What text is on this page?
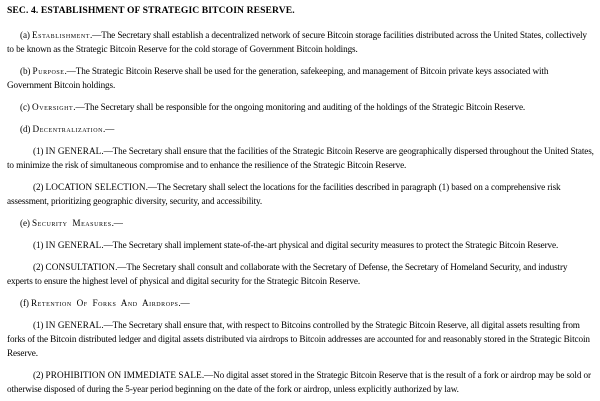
SEC. 4. ESTABLISHMENT OF STRATEGIC BITCOIN RESERVE.

(a) Establishment.—The Secretary shall establish a decentralized network of secure Bitcoin storage facilities distributed across the United States, collectively to be known as the Strategic Bitcoin Reserve for the cold storage of Government Bitcoin holdings.

(b) Purpose.—The Strategic Bitcoin Reserve shall be used for the generation, safekeeping, and management of Bitcoin private keys associated with Government Bitcoin holdings.

(c) Oversight.—The Secretary shall be responsible for the ongoing monitoring and auditing of the holdings of the Strategic Bitcoin Reserve.

(d) Decentralization.—

(1) IN GENERAL.—The Secretary shall ensure that the facilities of the Strategic Bitcoin Reserve are geographically dispersed throughout the United States, to minimize the risk of simultaneous compromise and to enhance the resilience of the Strategic Bitcoin Reserve.

(2) LOCATION SELECTION.—The Secretary shall select the locations for the facilities described in paragraph (1) based on a comprehensive risk assessment, prioritizing geographic diversity, security, and accessibility.

(e) Security Measures.—

(1) IN GENERAL.—The Secretary shall implement state-of-the-art physical and digital security measures to protect the Strategic Bitcoin Reserve.

(2) CONSULTATION.—The Secretary shall consult and collaborate with the Secretary of Defense, the Secretary of Homeland Security, and industry experts to ensure the highest level of physical and digital security for the Strategic Bitcoin Reserve.

(f) Retention Of Forks And Airdrops.—

(1) IN GENERAL.—The Secretary shall ensure that, with respect to Bitcoins controlled by the Strategic Bitcoin Reserve, all digital assets resulting from forks of the Bitcoin distributed ledger and digital assets distributed via airdrops to Bitcoin addresses are accounted for and reasonably stored in the Strategic Bitcoin Reserve.

(2) PROHIBITION ON IMMEDIATE SALE.—No digital asset stored in the Strategic Bitcoin Reserve that is the result of a fork or airdrop may be sold or otherwise disposed of during the 5-year period beginning on the date of the fork or airdrop, unless explicitly authorized by law.
